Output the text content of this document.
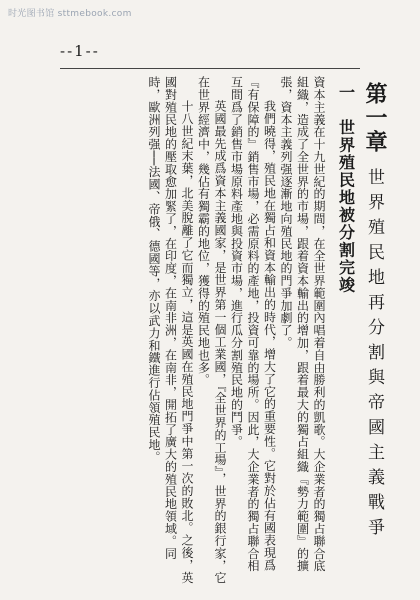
时光图书馆 sttmebook.com
--1--
第一章世界殖民地再分割與帝國主義戰爭
一　世界殖民地被分割完竣

資本主義在十九世紀的期間，在全世界範圍內唱着自由勝利的凱歌。大企業者的獨占聯合底組織，造成了全世界的市場，跟着資本輸出的增加，跟着最大的獨占組織『勢力範圍』的擴張，資本主義列强逐漸地向殖民地的門爭加劇了。

我們曉得，殖民地在獨占和資本輸出的時代，增大了它的重要性。它對於佔有國表現爲『有保障的』銷售市場，必需原料的產地，投資可靠的場所。因此，大企業者的獨占聯合相互間爲了銷售市場原料產地與投資市場，進行瓜分割殖民地的鬥爭。

英國最先成爲資本主義國家，是世界第一個工業國，『全世界的工場』，世界的銀行家，它在世界經濟中，幾佔有獨霸的地位，獲得的殖民地也多。

十八世紀末葉，北美脫離了它而獨立，這是英國在殖民地門爭中第一次的敗北。之後，英國對殖民地的壓取愈加緊了，在印度，在南非洲，在南非，開拓了廣大的殖民地領域。同時，歐洲列强──法國、帝俄、德國等，亦以武力和鐵進行佔領殖民地。
